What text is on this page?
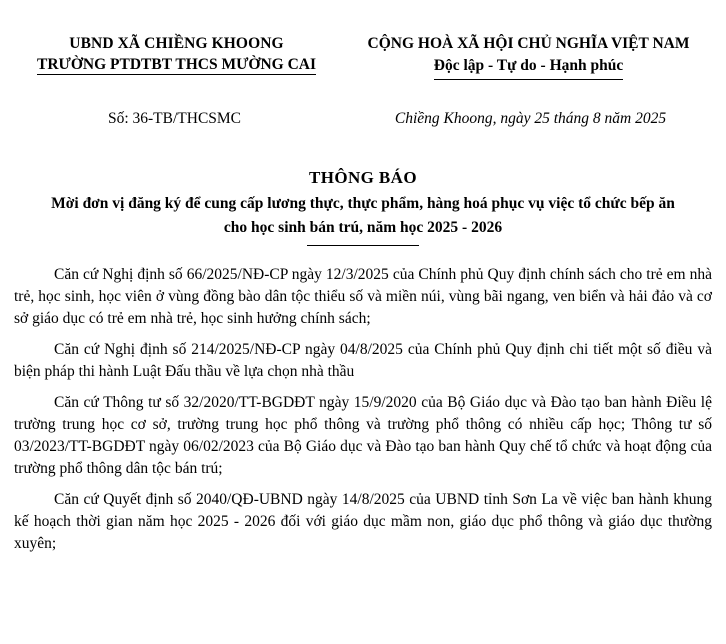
UBND XÃ CHIỀNG KHOONG
TRƯỜNG PTDTBT THCS MƯỜNG CAI
CỘNG HOÀ XÃ HỘI CHỦ NGHĨA VIỆT NAM
Độc lập - Tự do - Hạnh phúc
Số: 36-TB/THCSMC	Chiềng Khoong, ngày 25 tháng 8 năm 2025
THÔNG BÁO
Mời đơn vị đăng ký để cung cấp lương thực, thực phẩm, hàng hoá phục vụ việc tổ chức bếp ăn cho học sinh bán trú, năm học 2025 - 2026

Căn cứ Nghị định số 66/2025/NĐ-CP ngày 12/3/2025 của Chính phủ Quy định chính sách cho trẻ em nhà trẻ, học sinh, học viên ở vùng đồng bào dân tộc thiểu số và miền núi, vùng bãi ngang, ven biển và hải đảo và cơ sở giáo dục có trẻ em nhà trẻ, học sinh hưởng chính sách;

Căn cứ Nghị định số 214/2025/NĐ-CP ngày 04/8/2025 của Chính phủ Quy định chi tiết một số điều và biện pháp thi hành Luật Đấu thầu về lựa chọn nhà thầu

Căn cứ Thông tư số 32/2020/TT-BGDĐT ngày 15/9/2020 của Bộ Giáo dục và Đào tạo ban hành Điều lệ trường trung học cơ sở, trường trung học phổ thông và trường phổ thông có nhiều cấp học; Thông tư số 03/2023/TT-BGDĐT ngày 06/02/2023 của Bộ Giáo dục và Đào tạo ban hành Quy chế tổ chức và hoạt động của trường phổ thông dân tộc bán trú;

Căn cứ Quyết định số 2040/QĐ-UBND ngày 14/8/2025 của UBND tỉnh Sơn La về việc ban hành khung kế hoạch thời gian năm học 2025 - 2026 đối với giáo dục mầm non, giáo dục phổ thông và giáo dục thường xuyên;
